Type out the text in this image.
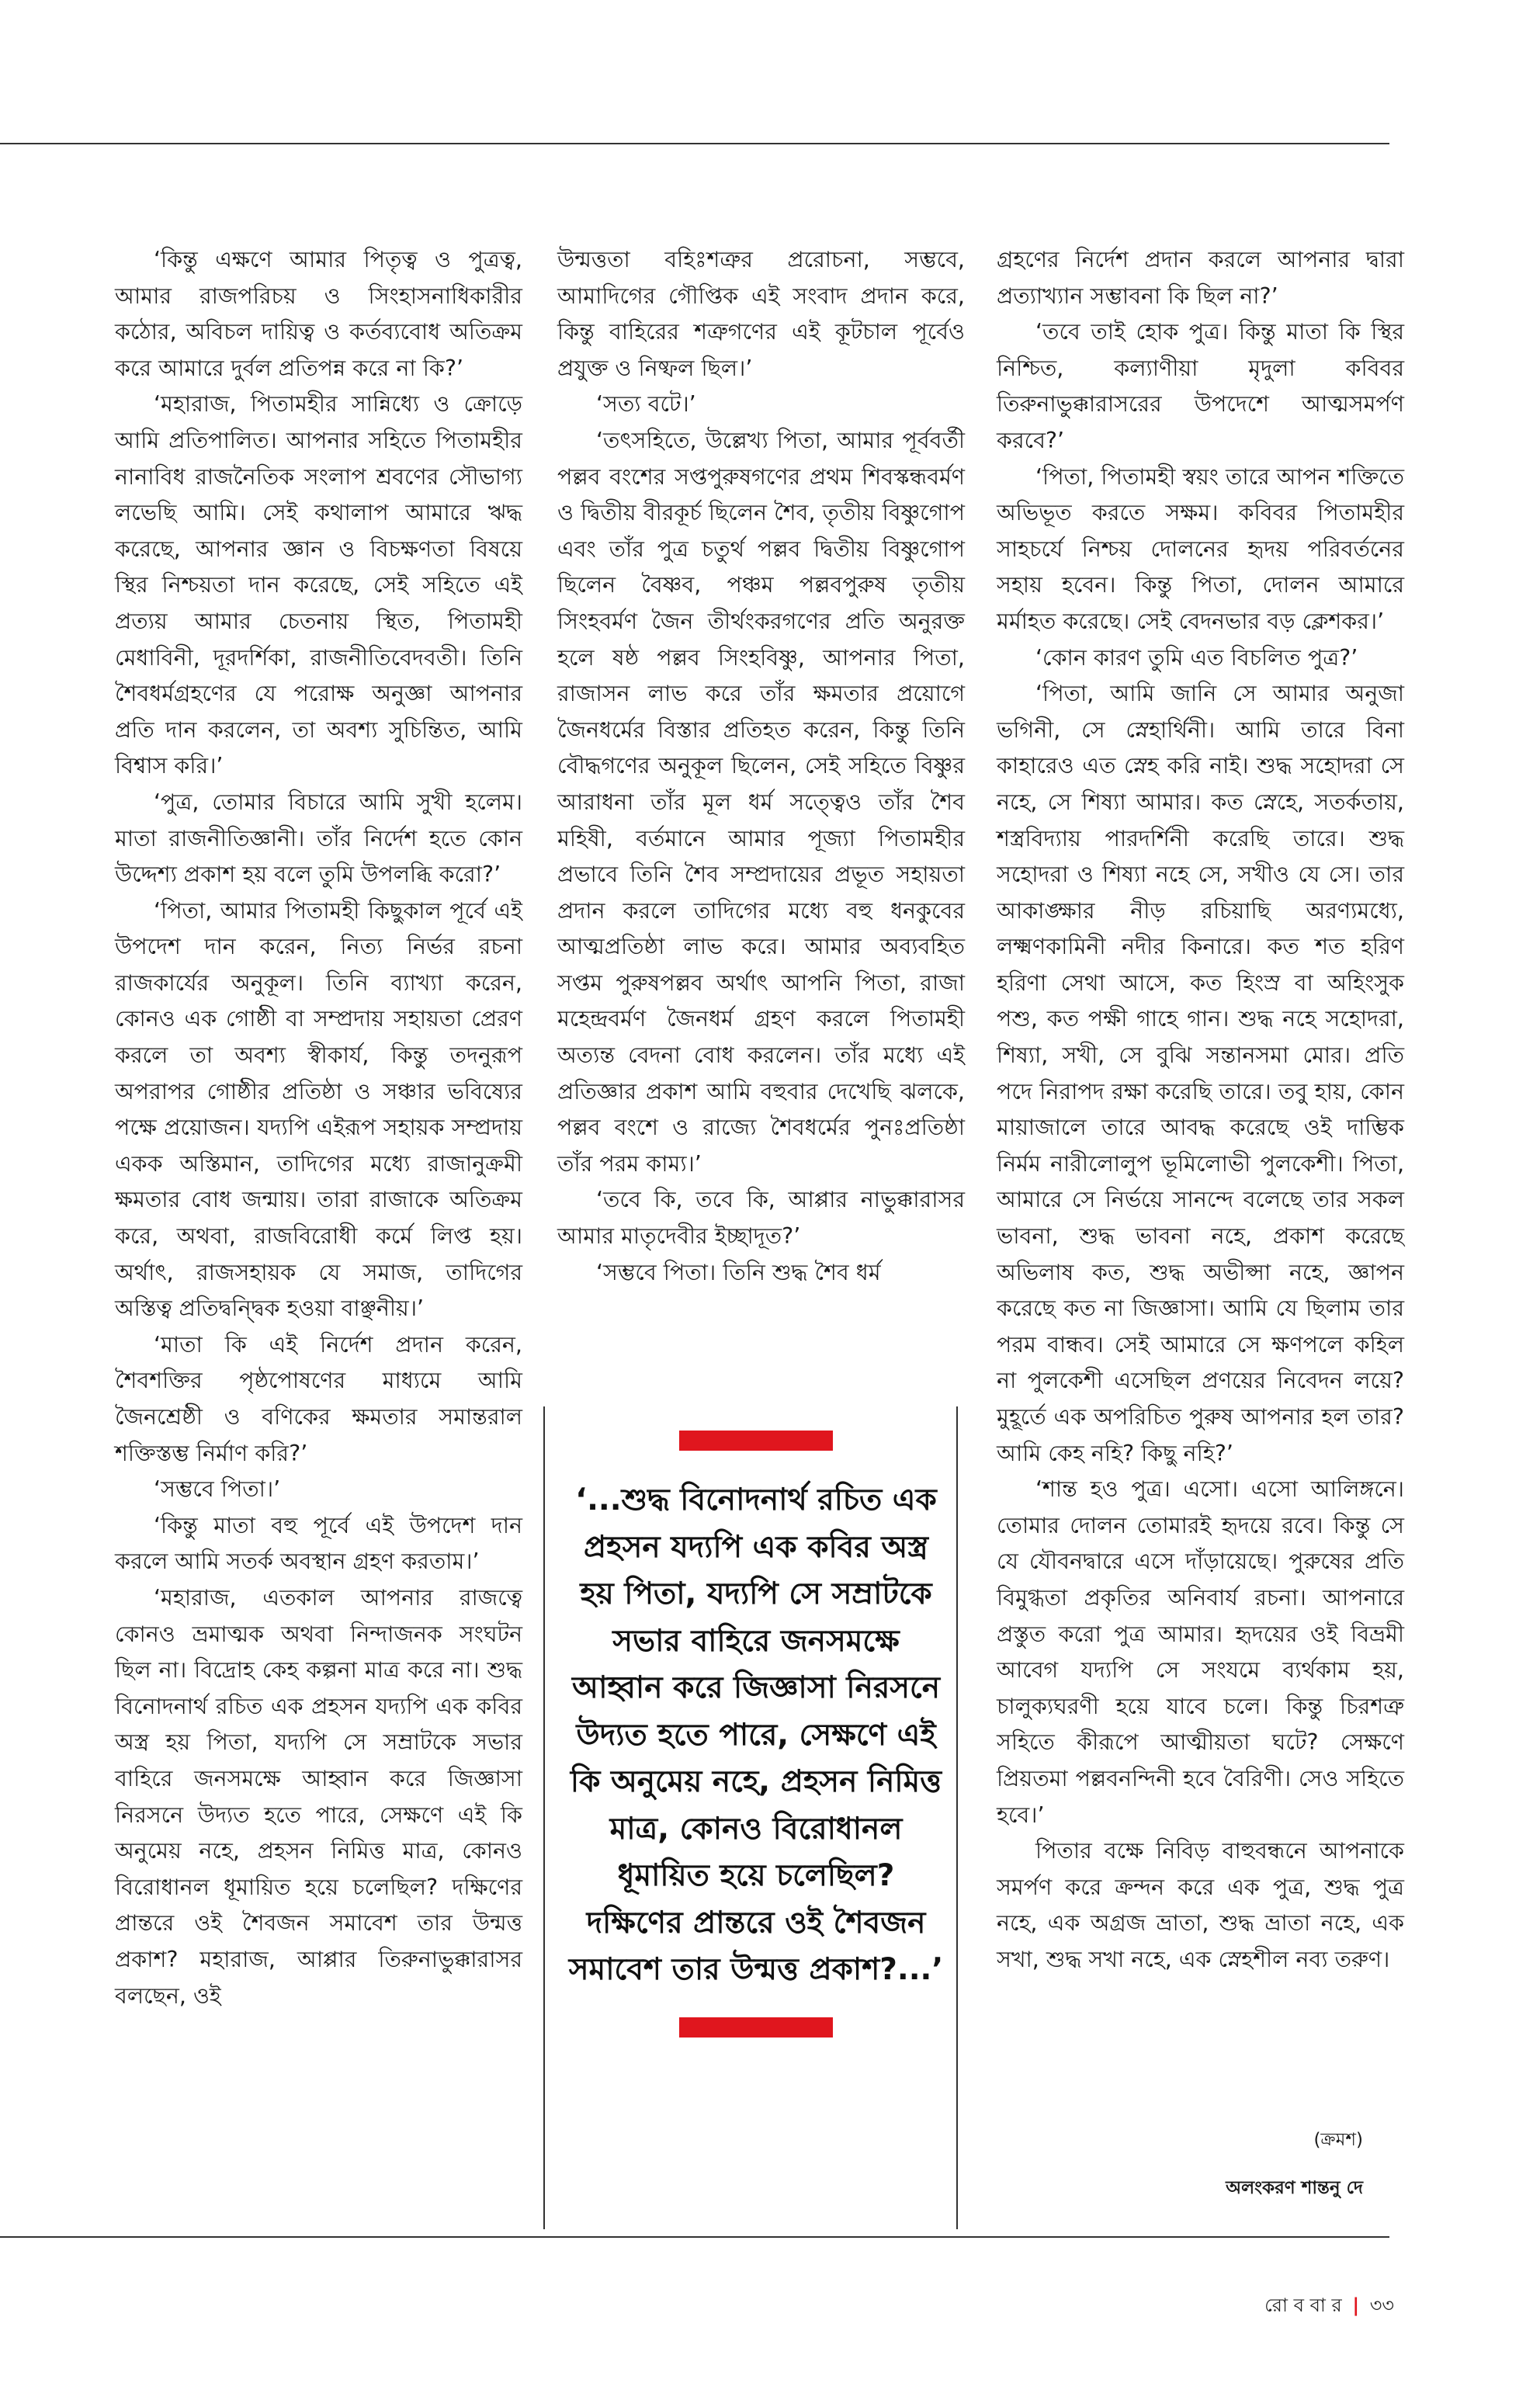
‘কিন্তু এক্ষণে আমার পিতৃত্ব ও পুত্রত্ব, আমার রাজপরিচয় ও সিংহাসনাধিকারীর কঠোর, অবিচল দায়িত্ব ও কর্তব্যবোধ অতিক্রম করে আমারে দুর্বল প্রতিপন্ন করে না কি?’

‘মহারাজ, পিতামহীর সান্নিধ্যে ও ক্রোড়ে আমি প্রতিপালিত। আপনার সহিতে পিতামহীর নানাবিধ রাজনৈতিক সংলাপ শ্রবণের সৌভাগ্য লভেছি আমি। সেই কথালাপ আমারে ঋদ্ধ করেছে, আপনার জ্ঞান ও বিচক্ষণতা বিষয়ে স্থির নিশ্চয়তা দান করেছে, সেই সহিতে এই প্রত্যয় আমার চেতনায় স্থিত, পিতামহী মেধাবিনী, দূরদর্শিকা, রাজনীতিবেদবতী। তিনি শৈবধর্মগ্রহণের যে পরোক্ষ অনুজ্ঞা আপনার প্রতি দান করলেন, তা অবশ্য সুচিন্তিত, আমি বিশ্বাস করি।’

‘পুত্র, তোমার বিচারে আমি সুখী হলেম। মাতা রাজনীতিজ্ঞানী। তাঁর নির্দেশ হতে কোন উদ্দেশ্য প্রকাশ হয় বলে তুমি উপলব্ধি করো?’

‘পিতা, আমার পিতামহী কিছুকাল পূর্বে এই উপদেশ দান করেন, নিত্য নির্ভর রচনা রাজকার্যের অনুকূল। তিনি ব্যাখ্যা করেন, কোনও এক গোষ্ঠী বা সম্প্রদায় সহায়তা প্রেরণ করলে তা অবশ্য স্বীকার্য, কিন্তু তদনুরূপ অপরাপর গোষ্ঠীর প্রতিষ্ঠা ও সঞ্চার ভবিষ্যের পক্ষে প্রয়োজন। যদ্যপি এইরূপ সহায়ক সম্প্রদায় একক অস্তিমান, তাদিগের মধ্যে রাজানুক্রমী ক্ষমতার বোধ জন্মায়। তারা রাজাকে অতিক্রম করে, অথবা, রাজবিরোধী কর্মে লিপ্ত হয়। অর্থাৎ, রাজসহায়ক যে সমাজ, তাদিগের অস্তিত্ব প্রতিদ্বন্দ্বিক হওয়া বাঞ্ছনীয়।’

‘মাতা কি এই নির্দেশ প্রদান করেন, শৈবশক্তির পৃষ্ঠপোষণের মাধ্যমে আমি জৈনশ্রেষ্ঠী ও বণিকের ক্ষমতার সমান্তরাল শক্তিস্তম্ভ নির্মাণ করি?’

‘সম্ভবে পিতা।’

‘কিন্তু মাতা বহু পূর্বে এই উপদেশ দান করলে আমি সতর্ক অবস্থান গ্রহণ করতাম।’

‘মহারাজ, এতকাল আপনার রাজত্বে কোনও ভ্রমাত্মক অথবা নিন্দাজনক সংঘটন ছিল না। বিদ্রোহ কেহ কল্পনা মাত্র করে না। শুদ্ধ বিনোদনার্থ রচিত এক প্রহসন যদ্যপি এক কবির অস্ত্র হয় পিতা, যদ্যপি সে সম্রাটকে সভার বাহিরে জনসমক্ষে আহ্বান করে জিজ্ঞাসা নিরসনে উদ্যত হতে পারে, সেক্ষণে এই কি অনুমেয় নহে, প্রহসন নিমিত্ত মাত্র, কোনও বিরোধানল ধূমায়িত হয়ে চলেছিল? দক্ষিণের প্রান্তরে ওই শৈবজন সমাবেশ তার উন্মত্ত প্রকাশ? মহারাজ, আপ্পার তিরুনাভুক্কারাসর বলছেন, ওই

উন্মত্ততা বহিঃশত্রুর প্ররোচনা, সম্ভবে, আমাদিগের গৌপ্তিক এই সংবাদ প্রদান করে, কিন্তু বাহিরের শত্রুগণের এই কূটচাল পূর্বেও প্রযুক্ত ও নিষ্ফল ছিল।’

‘সত্য বটে।’

‘তৎসহিতে, উল্লেখ্য পিতা, আমার পূর্ববর্তী পল্লব বংশের সপ্তপুরুষগণের প্রথম শিবস্কন্ধবর্মণ ও দ্বিতীয় বীরকূর্চ ছিলেন শৈব, তৃতীয় বিষ্ণুগোপ এবং তাঁর পুত্র চতুর্থ পল্লব দ্বিতীয় বিষ্ণুগোপ ছিলেন বৈষ্ণব, পঞ্চম পল্লবপুরুষ তৃতীয় সিংহবর্মণ জৈন তীর্থংকরগণের প্রতি অনুরক্ত হলে ষষ্ঠ পল্লব সিংহবিষ্ণু, আপনার পিতা, রাজাসন লাভ করে তাঁর ক্ষমতার প্রয়োগে জৈনধর্মের বিস্তার প্রতিহত করেন, কিন্তু তিনি বৌদ্ধগণের অনুকূল ছিলেন, সেই সহিতে বিষ্ণুর আরাধনা তাঁর মূল ধর্ম সত্ত্বেও তাঁর শৈব মহিষী, বর্তমানে আমার পূজ্যা পিতামহীর প্রভাবে তিনি শৈব সম্প্রদায়ের প্রভূত সহায়তা প্রদান করলে তাদিগের মধ্যে বহু ধনকুবের আত্মপ্রতিষ্ঠা লাভ করে। আমার অব্যবহিত সপ্তম পুরুষপল্লব অর্থাৎ আপনি পিতা, রাজা মহেন্দ্রবর্মণ জৈনধর্ম গ্রহণ করলে পিতামহী অত্যন্ত বেদনা বোধ করলেন। তাঁর মধ্যে এই প্রতিজ্ঞার প্রকাশ আমি বহুবার দেখেছি ঝলকে, পল্লব বংশে ও রাজ্যে শৈবধর্মের পুনঃপ্রতিষ্ঠা তাঁর পরম কাম্য।’

‘তবে কি, তবে কি, আপ্পার নাভুক্কারাসর আমার মাতৃদেবীর ইচ্ছাদূত?’

‘সম্ভবে পিতা। তিনি শুদ্ধ শৈব ধর্ম

‘...শুদ্ধ বিনোদনার্থ রচিত এক প্রহসন যদ্যপি এক কবির অস্ত্র হয় পিতা, যদ্যপি সে সম্রাটকে সভার বাহিরে জনসমক্ষে আহ্বান করে জিজ্ঞাসা নিরসনে উদ্যত হতে পারে, সেক্ষণে এই কি অনুমেয় নহে, প্রহসন নিমিত্ত মাত্র, কোনও বিরোধানল ধূমায়িত হয়ে চলেছিল? দক্ষিণের প্রান্তরে ওই শৈবজন সমাবেশ তার উন্মত্ত প্রকাশ?...’

গ্রহণের নির্দেশ প্রদান করলে আপনার দ্বারা প্রত্যাখ্যান সম্ভাবনা কি ছিল না?’

‘তবে তাই হোক পুত্র। কিন্তু মাতা কি স্থির নিশ্চিত, কল্যাণীয়া মৃদুলা কবিবর তিরুনাভুক্কারাসরের উপদেশে আত্মসমর্পণ করবে?’

‘পিতা, পিতামহী স্বয়ং তারে আপন শক্তিতে অভিভূত করতে সক্ষম। কবিবর পিতামহীর সাহচর্যে নিশ্চয় দোলনের হৃদয় পরিবর্তনের সহায় হবেন। কিন্তু পিতা, দোলন আমারে মর্মাহত করেছে। সেই বেদনভার বড় ক্লেশকর।’

‘কোন কারণ তুমি এত বিচলিত পুত্র?’

‘পিতা, আমি জানি সে আমার অনুজা ভগিনী, সে স্নেহার্থিনী। আমি তারে বিনা কাহারেও এত স্নেহ করি নাই। শুদ্ধ সহোদরা সে নহে, সে শিষ্যা আমার। কত স্নেহে, সতর্কতায়, শস্ত্রবিদ্যায় পারদর্শিনী করেছি তারে। শুদ্ধ সহোদরা ও শিষ্যা নহে সে, সখীও যে সে। তার আকাঙ্ক্ষার নীড় রচিয়াছি অরণ্যমধ্যে, লক্ষ্মণকামিনী নদীর কিনারে। কত শত হরিণ হরিণা সেথা আসে, কত হিংস্র বা অহিংসুক পশু, কত পক্ষী গাহে গান। শুদ্ধ নহে সহোদরা, শিষ্যা, সখী, সে বুঝি সন্তানসমা মোর। প্রতি পদে নিরাপদ রক্ষা করেছি তারে। তবু হায়, কোন মায়াজালে তারে আবদ্ধ করেছে ওই দাম্ভিক নির্মম নারীলোলুপ ভূমিলোভী পুলকেশী। পিতা, আমারে সে নির্ভয়ে সানন্দে বলেছে তার সকল ভাবনা, শুদ্ধ ভাবনা নহে, প্রকাশ করেছে অভিলাষ কত, শুদ্ধ অভীপ্সা নহে, জ্ঞাপন করেছে কত না জিজ্ঞাসা। আমি যে ছিলাম তার পরম বান্ধব। সেই আমারে সে ক্ষণপলে কহিল না পুলকেশী এসেছিল প্রণয়ের নিবেদন লয়ে? মুহূর্তে এক অপরিচিত পুরুষ আপনার হল তার? আমি কেহ নহি? কিছু নহি?’

‘শান্ত হও পুত্র। এসো। এসো আলিঙ্গনে। তোমার দোলন তোমারই হৃদয়ে রবে। কিন্তু সে যে যৌবনদ্বারে এসে দাঁড়ায়েছে। পুরুষের প্রতি বিমুগ্ধতা প্রকৃতির অনিবার্য রচনা। আপনারে প্রস্তুত করো পুত্র আমার। হৃদয়ের ওই বিভ্রমী আবেগ যদ্যপি সে সংযমে ব্যর্থকাম হয়, চালুক্যঘরণী হয়ে যাবে চলে। কিন্তু চিরশত্রু সহিতে কীরূপে আত্মীয়তা ঘটে? সেক্ষণে প্রিয়তমা পল্লবনন্দিনী হবে বৈরিণী। সেও সহিতে হবে।’

পিতার বক্ষে নিবিড় বাহুবন্ধনে আপনাকে সমর্পণ করে ক্রন্দন করে এক পুত্র, শুদ্ধ পুত্র নহে, এক অগ্রজ ভ্রাতা, শুদ্ধ ভ্রাতা নহে, এক সখা, শুদ্ধ সখা নহে, এক স্নেহশীল নব্য তরুণ।

(ক্রমশ)
অলংকরণ শান্তনু দে
রো ব বা র | ৩৩
